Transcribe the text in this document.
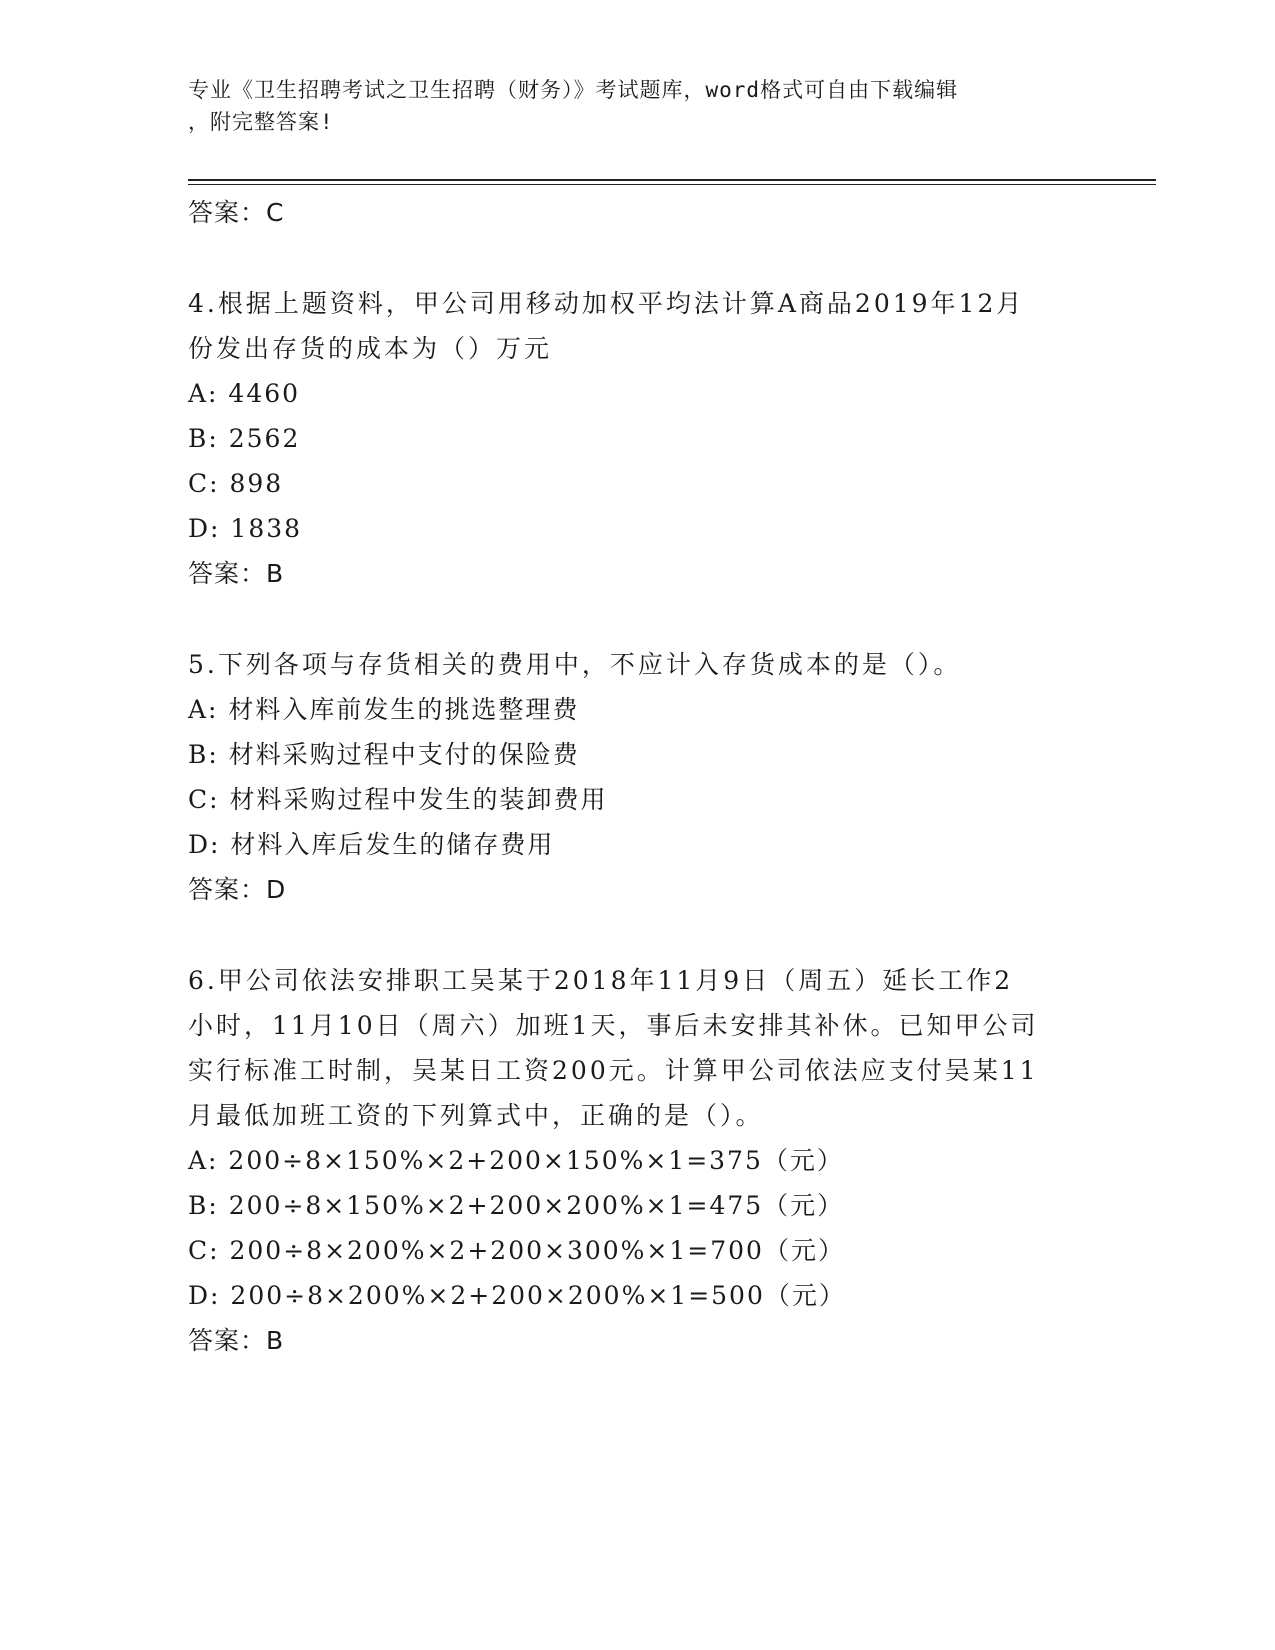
专业《卫生招聘考试之卫生招聘（财务）》考试题库，word格式可自由下载编辑
，附完整答案!
答案：C
4.根据上题资料，甲公司用移动加权平均法计算A商品2019年12月
份发出存货的成本为（）万元
A: 4460
B: 2562
C: 898
D: 1838
答案：B
5.下列各项与存货相关的费用中，不应计入存货成本的是（）。
A: 材料入库前发生的挑选整理费
B: 材料采购过程中支付的保险费
C: 材料采购过程中发生的装卸费用
D: 材料入库后发生的储存费用
答案：D
6.甲公司依法安排职工吴某于2018年11月9日（周五）延长工作2
小时，11月10日（周六）加班1天，事后未安排其补休。已知甲公司
实行标准工时制，吴某日工资200元。计算甲公司依法应支付吴某11
月最低加班工资的下列算式中，正确的是（）。
A: 200÷8×150%×2+200×150%×1=375（元）
B: 200÷8×150%×2+200×200%×1=475（元）
C: 200÷8×200%×2+200×300%×1=700（元）
D: 200÷8×200%×2+200×200%×1=500（元）
答案：B
